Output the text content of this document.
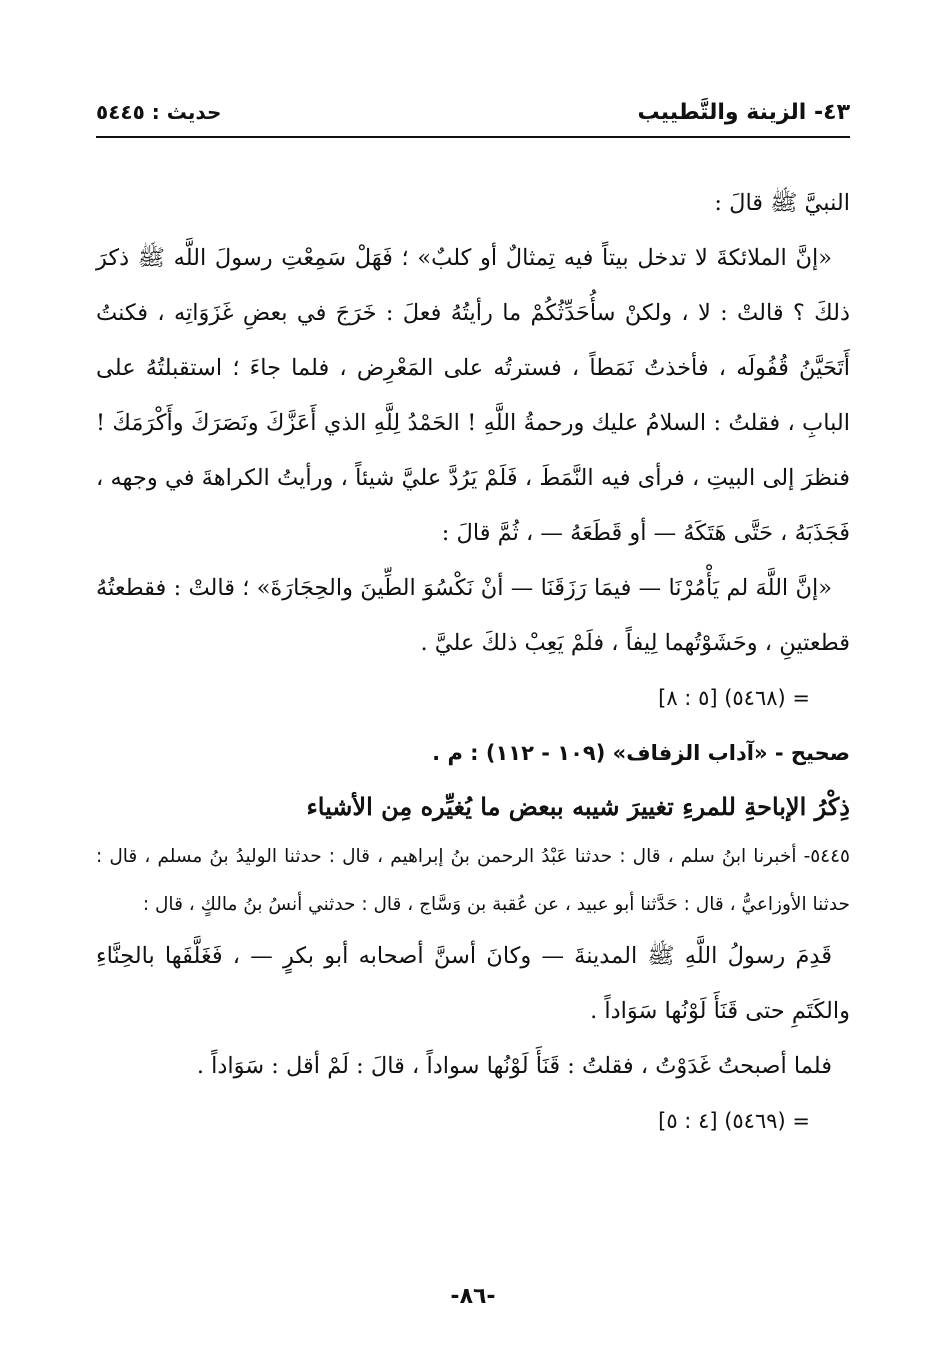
٤٣- الزينة والتَّطييب
حديث : ٥٤٤٥

النبيَّ ﷺ قالَ :

«إنَّ الملائكةَ لا تدخل بيتاً فيه تِمثالٌ أو كلبٌ» ؛ فَهَلْ سَمِعْتِ رسولَ اللَّه ﷺ ذكرَ ذلكَ ؟ قالتْ : لا ، ولكنْ سأُحَدِّثُكُمْ ما رأيتُهُ فعلَ : خَرَجَ في بعضِ غَزَوَاتِه ، فكنتُ أَتَحَيَّنُ قُفُولَه ، فأخذتُ نَمَطاً ، فسترتُه على المَعْرِض ، فلما جاءَ ؛ استقبلتُهُ على البابِ ، فقلتُ : السلامُ عليك ورحمةُ اللَّهِ ! الحَمْدُ لِلَّهِ الذي أَعَزَّكَ ونَصَرَكَ وأَكْرَمَكَ ! فنظرَ إلى البيتِ ، فرأى فيه النَّمَطَ ، فَلَمْ يَرُدَّ عليَّ شيئاً ، ورأيتُ الكراهةَ في وجهه ، فَجَذَبَهُ ، حَتَّى هَتَكَهُ — أو قَطَعَهُ — ، ثُمَّ قالَ :

«إنَّ اللَّهَ لم يَأْمُرْنَا — فيمَا رَزَقَنَا — أنْ نَكْسُوَ الطِّينَ والحِجَارَةَ» ؛ قالتْ : فقطعتُهُ قطعتينِ ، وحَشَوْتُهما لِيفاً ، فلَمْ يَعِبْ ذلكَ عليَّ .

= (٥٤٦٨) [٥ : ٨]

صحيح - «آداب الزفاف» (١٠٩ - ١١٢) : م .

ذِكْرُ الإباحةِ للمرءِ تغييرَ شيبه ببعض ما يُغيِّره مِن الأشياء

٥٤٤٥- أخبرنا ابنُ سلم ، قال : حدثنا عَبْدُ الرحمن بنُ إبراهيم ، قال : حدثنا الوليدُ بنُ مسلم ، قال : حدثنا الأوزاعيُّ ، قال : حَدَّثنا أبو عبيد ، عن عُقبة بن وَسَّاج ، قال : حدثني أنسُ بنُ مالكٍ ، قال :

قَدِمَ رسولُ اللَّهِ ﷺ المدينةَ — وكانَ أسنَّ أصحابه أبو بكرٍ — ، فَغَلَّفَها بالحِنَّاءِ والكَتَمِ حتى قَنَأَ لَوْنُها سَوَاداً .

فلما أصبحتُ غَدَوْتُ ، فقلتُ : قَنَأَ لَوْنُها سواداً ، قالَ : لَمْ أقل : سَوَاداً .

= (٥٤٦٩) [٤ : ٥]

-٨٦-
